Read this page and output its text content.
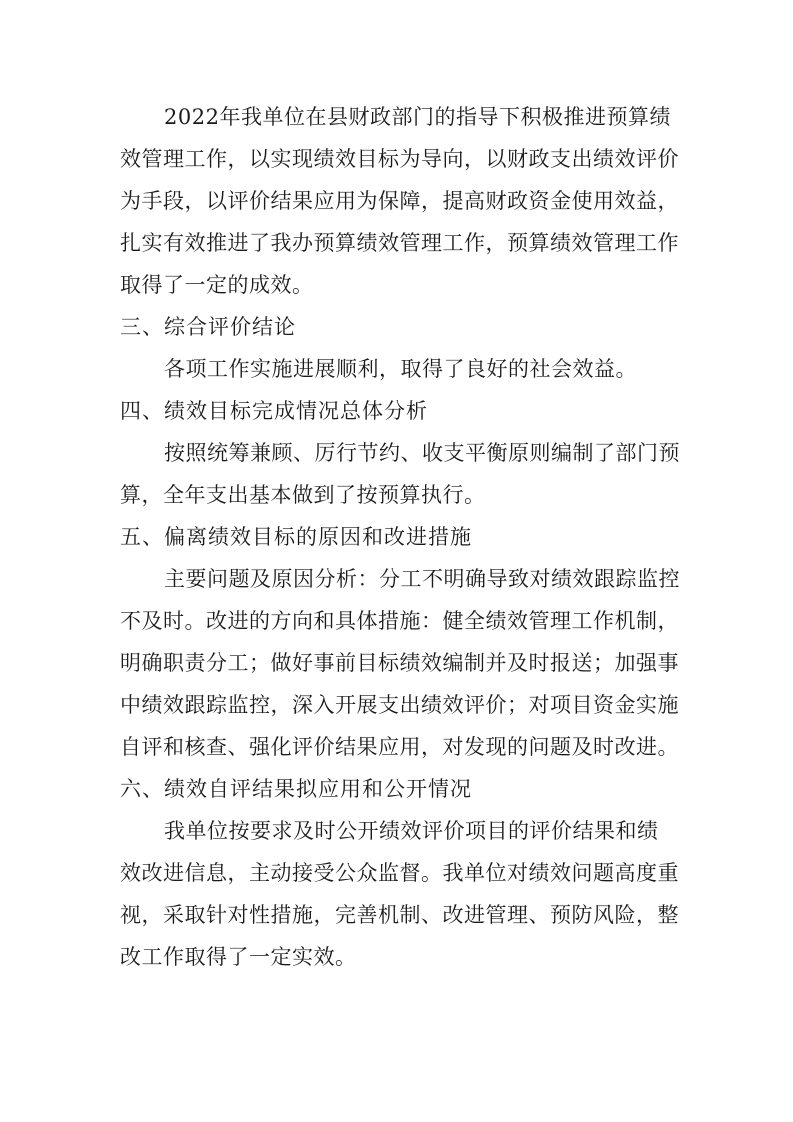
2022年我单位在县财政部门的指导下积极推进预算绩
效管理工作，以实现绩效目标为导向，以财政支出绩效评价
为手段，以评价结果应用为保障，提高财政资金使用效益，
扎实有效推进了我办预算绩效管理工作，预算绩效管理工作
取得了一定的成效。
三、综合评价结论
各项工作实施进展顺利，取得了良好的社会效益。
四、绩效目标完成情况总体分析
按照统筹兼顾、厉行节约、收支平衡原则编制了部门预
算，全年支出基本做到了按预算执行。
五、偏离绩效目标的原因和改进措施
主要问题及原因分析：分工不明确导致对绩效跟踪监控
不及时。改进的方向和具体措施：健全绩效管理工作机制，
明确职责分工；做好事前目标绩效编制并及时报送；加强事
中绩效跟踪监控，深入开展支出绩效评价；对项目资金实施
自评和核查、强化评价结果应用，对发现的问题及时改进。
六、绩效自评结果拟应用和公开情况
我单位按要求及时公开绩效评价项目的评价结果和绩
效改进信息，主动接受公众监督。我单位对绩效问题高度重
视，采取针对性措施，完善机制、改进管理、预防风险，整
改工作取得了一定实效。
